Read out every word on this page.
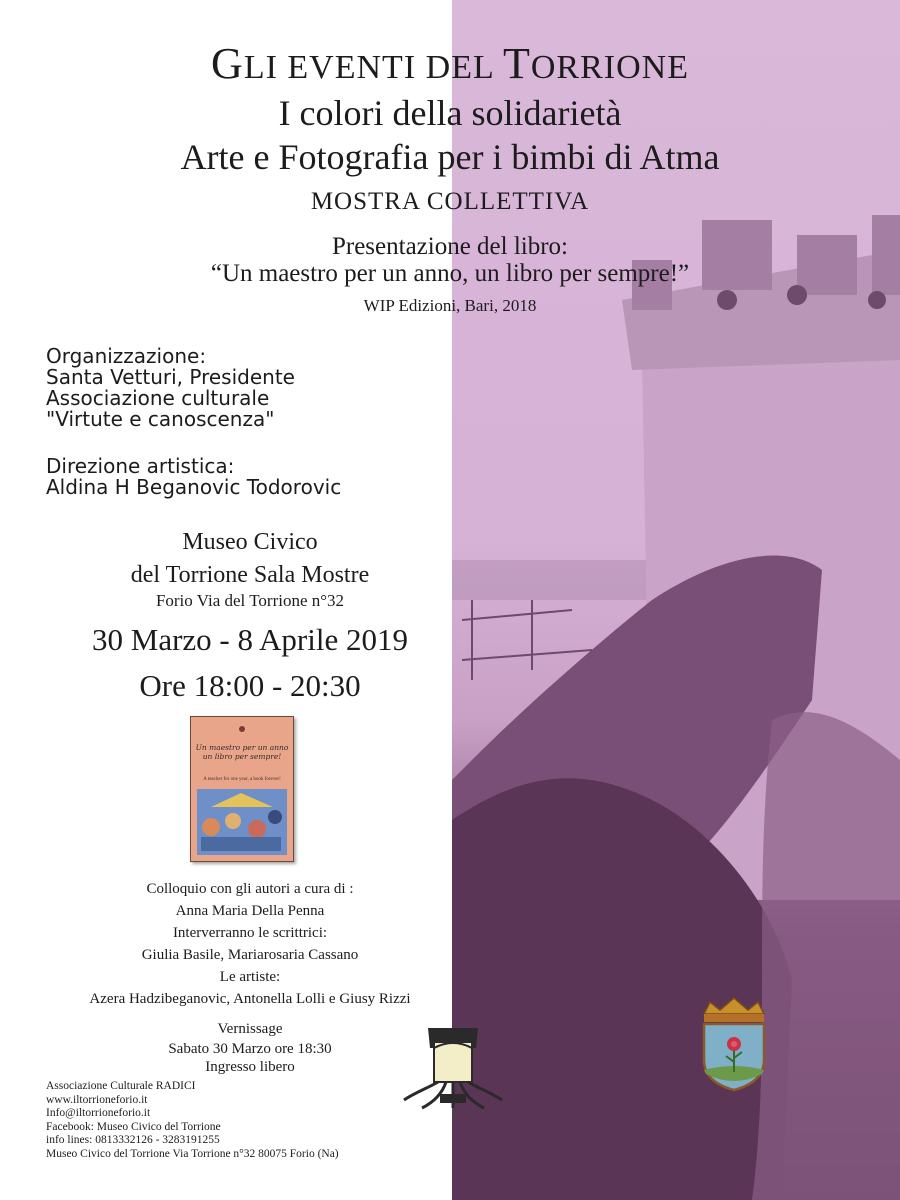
GLI EVENTI DEL TORRIONE
I colori della solidarietà
Arte e Fotografia per i bimbi di Atma
MOSTRA COLLETTIVA
Presentazione del libro:
“Un maestro per un anno, un libro per sempre!”
WIP Edizioni, Bari, 2018
Organizzazione:
Santa Vetturi, Presidente
Associazione culturale
"Virtute e canoscenza"
Direzione artistica:
Aldina H Beganovic Todorovic
Museo Civico
del Torrione Sala Mostre
Forio Via del Torrione n°32
30 Marzo - 8 Aprile 2019
Ore 18:00 - 20:30
Un maestro per un anno un libro per sempre!
A teacher for one year, a book forever!
Colloquio con gli autori a cura di :
Anna Maria Della Penna
Interverranno le scrittrici:
Giulia Basile, Mariarosaria Cassano
Le artiste:
Azera Hadzibeganovic, Antonella Lolli e Giusy Rizzi
Vernissage
Sabato 30 Marzo ore 18:30
Ingresso libero
Associazione Culturale RADICI
www.iltorrioneforio.it
Info@iltorrioneforio.it
Facebook: Museo Civico del Torrione
info lines: 0813332126 - 3283191255
Museo Civico del Torrione Via Torrione n°32 80075 Forio (Na)
